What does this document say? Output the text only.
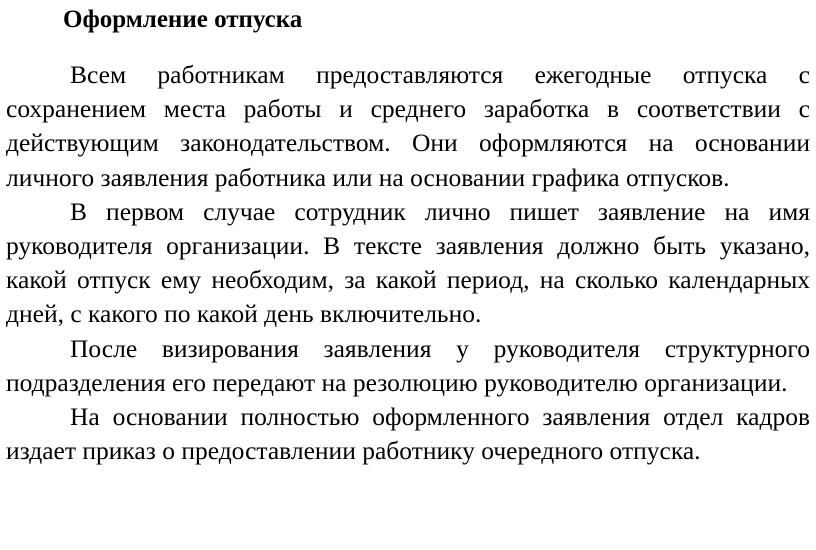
Оформление отпуска

Всем работникам предоставляются ежегодные отпуска с сохранением места работы и среднего заработка в соответствии с действующим законодательством. Они оформляются на основании личного заявления работника или на основании графика отпусков.

В первом случае сотрудник лично пишет заявление на имя руководителя организации. В тексте заявления должно быть указано, какой отпуск ему необходим, за какой период, на сколько календарных дней, с какого по какой день включительно.

После визирования заявления у руководителя структурного подразделения его передают на резолюцию руководителю организации.

На основании полностью оформленного заявления отдел кадров издает приказ о предоставлении работнику очередного отпуска.
